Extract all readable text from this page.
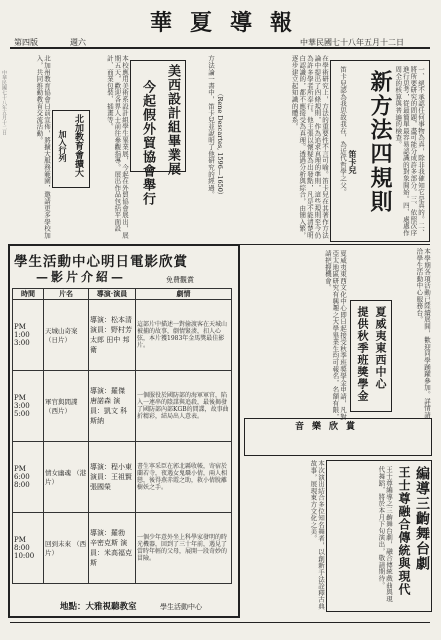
華夏導報
第四版	週六	中華民國七十八年五月十二日
中華民國七十八年五月十二日	新方法四規則
笛卡兒	一、絕不承認任何事物為真，除非我確知它是真的。二、將所要研究的問題，盡可能分成許多部分。三、依照次序進行思考，從最簡單最容易認識的對象開始。四、處處作周全的核算與普遍的檢查。
笛卡兒認為我思故我在，為近代哲學之父。
在學術研究上，方法的重要性不言可喻。笛卡兒在其著作方法論中提出了四條規則，作為追求真理的準則，這些規則至今仍為許多學者所奉行。他主張以懷疑為出發點，凡是不能清楚明白認識的，都不應接受為真理。透過分析與綜合，由簡入繁，逐步建立起知識的體系。
（Rene Descartes, 1596—1650）
方法論一書中，笛卡兒並說明了他研究的經過。
美西設計組畢業展
今起假外貿協會舉行
本校應用美術系設計組學生畢業展，今起在外貿協會展出，展期五天，歡迎各界人士前往參觀指導。展出作品包括平面設計、商業包裝、插畫等。
北加教育會擴大
加入行列
北加州教育協會日前宣佈，將擴大服務範圍，邀請更多學校加入，共同推動教育交流活動。
學生活動中心明日電影欣賞
—影片介紹—	免費觀賞
時間	片名	導演·演員	劇情
PM 1:00 3:00	天城山奇案 （日片）	導演：松本清 演員：野村芳 太郎 田中 邦衛	這部片中描述一對偷渡客在天城山被捕的故事，劇情緊湊，扣人心弦，本片獲1983年金馬獎最佳影片。
PM 3:00 5:00	軍官與間諜 （西片）	導演：羅傑 唐諾森 演員：凱文 科斯納	一個服役於國防部的海軍軍官，陷入一連串的陰謀與追殺，最後揭發了國防部內部KGB的間諜，故事曲折精彩，結局出人意表。
PM 6:00 8:00	情女幽魂 （港片）	導演：程小東 演員：王祖賢 張國榮	書生寧采臣在郭北縣收帳，寄宿於蘭若寺，夜遇女鬼聶小倩，兩人相戀，後得燕赤霞之助，救小倩脫離樹妖之手。
PM 8:00 10:00	回到未來 （西片）	導演：羅勃 辛密克斯 演員：米高福克斯	一個少年意外坐上科學家發明的時光機器，回到了三十年前，遇見了當時年輕的父母，展開一段奇妙的冒險。
地點：大雅視聽教室	學生活動中心
本學期各項活動已陸續展開，歡迎同學踴躍參加。詳情請洽學生活動中心服務台。
夏威夷東西中心
提供秋季班獎學金
夏威夷東西文化中心即日起接受秋季班獎學金申請，凡對亞太地區研究有興趣之大學畢業生均可報名，名額有限，請把握機會。
音樂欣賞
王士尊融合傳統與現代 編導三齣舞台劇
王士尊編導之三齣舞台劇，融合傳統戲曲與現代舞蹈，將於本月下旬演出，敬請期待。
本次演出結合多位知名舞者，以創新手法詮釋古典故事，展現東方文化之美。
